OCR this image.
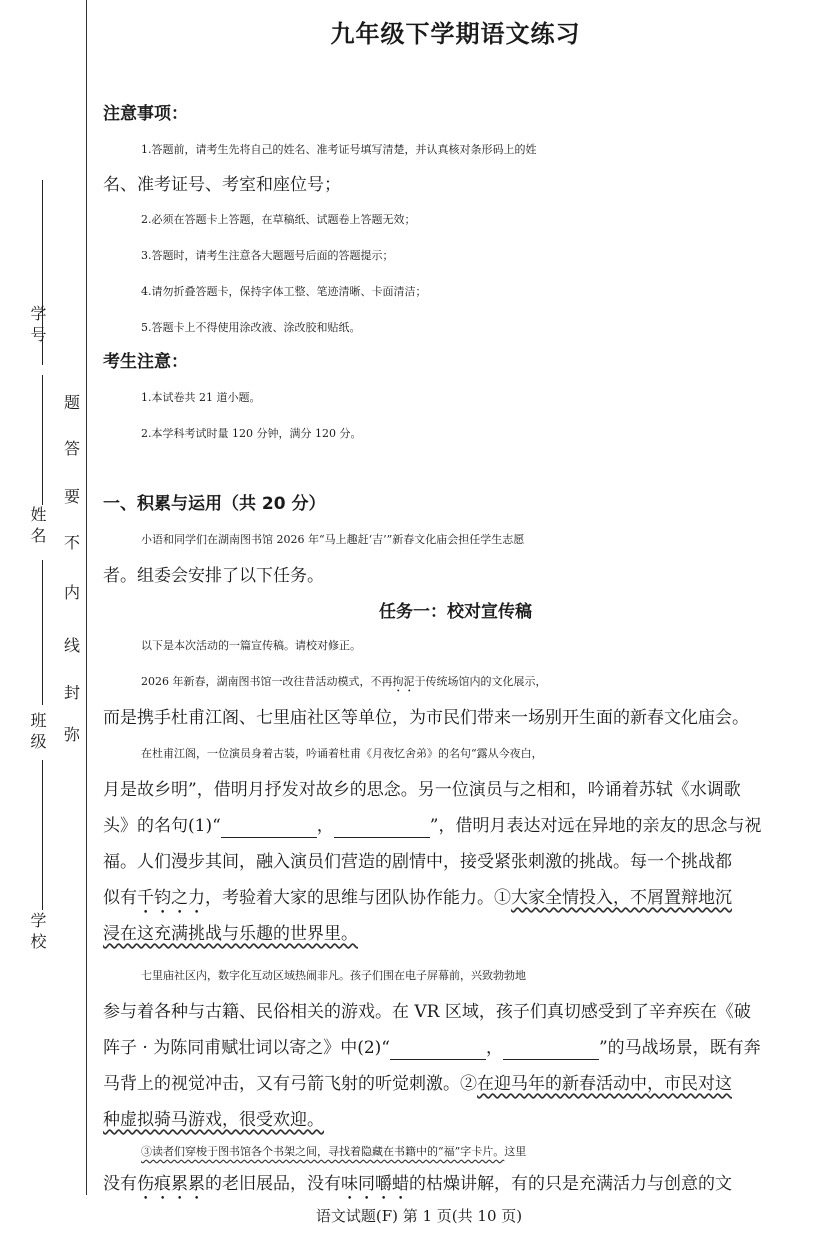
学 号
姓 名
班 级
学 校
弥
封
线
内
不
要
答
题
九年级下学期语文练习
注意事项：
1.答题前，请考生先将自己的姓名、准考证号填写清楚，并认真核对条形码上的姓
名、准考证号、考室和座位号；
2.必须在答题卡上答题，在草稿纸、试题卷上答题无效；
3.答题时，请考生注意各大题题号后面的答题提示；
4.请勿折叠答题卡，保持字体工整、笔迹清晰、卡面清洁；
5.答题卡上不得使用涂改液、涂改胶和贴纸。
考生注意：
1.本试卷共 21 道小题。
2.本学科考试时量 120 分钟，满分 120 分。
一、积累与运用（共 20 分）
小语和同学们在湖南图书馆 2026 年“马上趣赶‘吉’”新春文化庙会担任学生志愿
者。组委会安排了以下任务。
任务一：校对宣传稿
以下是本次活动的一篇宣传稿。请校对修正。
2026 年新春，湖南图书馆一改往昔活动模式，不再拘泥于传统场馆内的文化展示，
而是携手杜甫江阁、七里庙社区等单位，为市民们带来一场别开生面的新春文化庙会。
在杜甫江阁，一位演员身着古装，吟诵着杜甫《月夜忆舍弟》的名句“露从今夜白，
月是故乡明”，借明月抒发对故乡的思念。另一位演员与之相和，吟诵着苏轼《水调歌
头》的名句(1)“	，	”，借明月表达对远在异地的亲友的思念与祝
福。人们漫步其间，融入演员们营造的剧情中，接受紧张刺激的挑战。每一个挑战都
似有千钧之力，考验着大家的思维与团队协作能力。①大家全情投入，不屑置辩地沉
浸在这充满挑战与乐趣的世界里。
七里庙社区内，数字化互动区域热闹非凡。孩子们围在电子屏幕前，兴致勃勃地
参与着各种与古籍、民俗相关的游戏。在 VR 区域，孩子们真切感受到了辛弃疾在《破
阵子 · 为陈同甫赋壮词以寄之》中(2)“	，	”的马战场景，既有奔
马背上的视觉冲击，又有弓箭飞射的听觉刺激。②在迎马年的新春活动中，市民对这
种虚拟骑马游戏，很受欢迎。
③读者们穿梭于图书馆各个书架之间，寻找着隐藏在书籍中的“福”字卡片。这里
没有伤痕累累的老旧展品，没有味同嚼蜡的枯燥讲解，有的只是充满活力与创意的文
语文试题(F) 第 1 页(共 10 页)
